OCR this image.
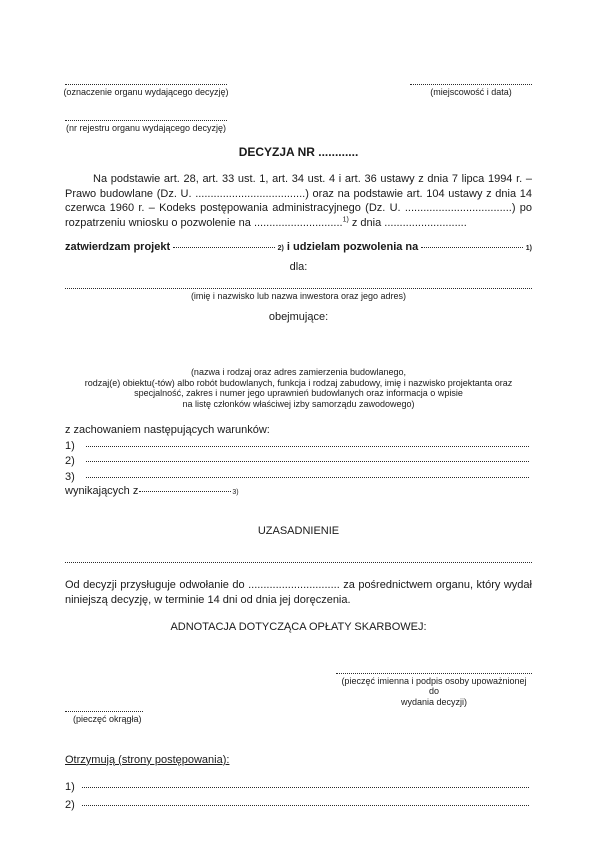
(oznaczenie organu wydającego decyzję)	(miejscowość i data)
(nr rejestru organu wydającego decyzję)
DECYZJA NR ............

Na podstawie art. 28, art. 33 ust. 1, art. 34 ust. 4 i art. 36 ustawy z dnia 7 lipca 1994 r. – Prawo budowlane (Dz. U. ....................................) oraz na podstawie art. 104 ustawy z dnia 14 czerwca 1960 r. – Kodeks postępowania administracyjnego (Dz. U. ...................................) po rozpatrzeniu wniosku o pozwolenie na .............................$^{1)}$ z dnia ...........................

zatwierdzam projekt	2) i udzielam pozwolenia na	1)
dla:
(imię i nazwisko lub nazwa inwestora oraz jego adres)
obejmujące:
(nazwa i rodzaj oraz adres zamierzenia budowlanego,
rodzaj(e) obiektu(-tów) albo robót budowlanych, funkcja i rodzaj zabudowy, imię i nazwisko projektanta oraz
specjalność, zakres i numer jego uprawnień budowlanych oraz informacja o wpisie
na listę członków właściwej izby samorządu zawodowego)
z zachowaniem następujących warunków:
1)
2)
3)
wynikających z	3)
UZASADNIENIE

Od decyzji przysługuje odwołanie do .............................. za pośrednictwem organu, który wydał niniejszą decyzję, w terminie 14 dni od dnia jej doręczenia.

ADNOTACJA DOTYCZĄCA OPŁATY SKARBOWEJ:
(pieczęć imienna i podpis osoby upoważnionej do
wydania decyzji)
(pieczęć okrągła)
Otrzymują (strony postępowania):
1)
2)
